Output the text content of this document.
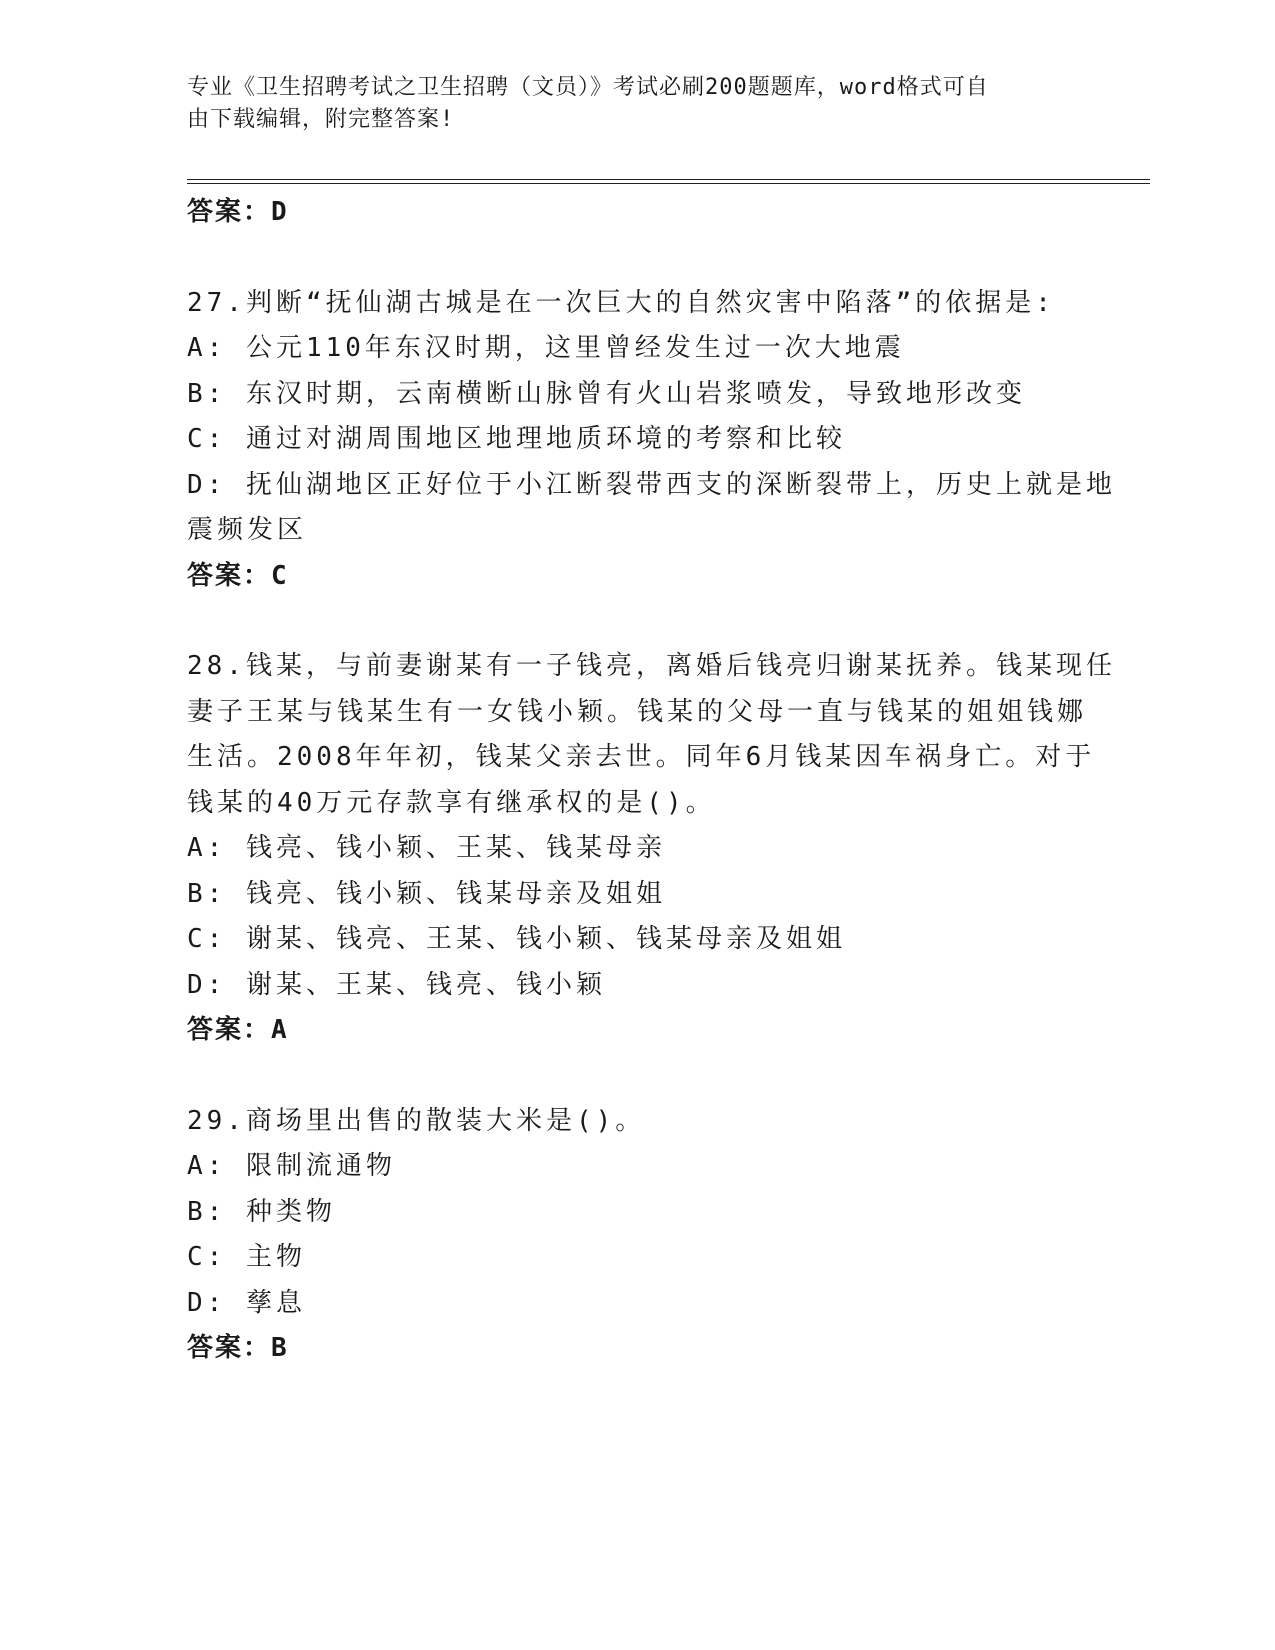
专业《卫生招聘考试之卫生招聘（文员）》考试必刷200题题库，word格式可自
由下载编辑，附完整答案!
答案：D
27.判断“抚仙湖古城是在一次巨大的自然灾害中陷落”的依据是:
A: 公元110年东汉时期，这里曾经发生过一次大地震
B: 东汉时期，云南横断山脉曾有火山岩浆喷发，导致地形改变
C: 通过对湖周围地区地理地质环境的考察和比较
D: 抚仙湖地区正好位于小江断裂带西支的深断裂带上，历史上就是地
震频发区
答案：C
28.钱某，与前妻谢某有一子钱亮，离婚后钱亮归谢某抚养。钱某现任
妻子王某与钱某生有一女钱小颖。钱某的父母一直与钱某的姐姐钱娜
生活。2008年年初，钱某父亲去世。同年6月钱某因车祸身亡。对于
钱某的40万元存款享有继承权的是()。
A: 钱亮、钱小颖、王某、钱某母亲
B: 钱亮、钱小颖、钱某母亲及姐姐
C: 谢某、钱亮、王某、钱小颖、钱某母亲及姐姐
D: 谢某、王某、钱亮、钱小颖
答案：A
29.商场里出售的散装大米是()。
A: 限制流通物
B: 种类物
C: 主物
D: 孳息
答案：B
